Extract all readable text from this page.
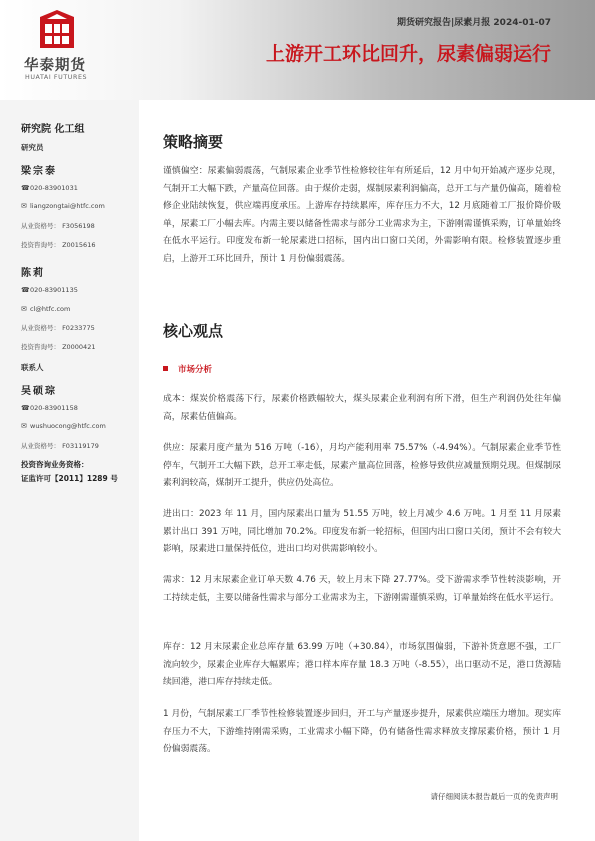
华泰期货
HUATAI FUTURES
期货研究报告|尿素月报 2024-01-07
上游开工环比回升，尿素偏弱运行
研究院 化工组
研究员
梁宗泰
☎020-83901031
✉ liangzongtai@htfc.com
从业资格号： F3056198
投资咨询号： Z0015616
陈莉
☎020-83901135
✉ cl@htfc.com
从业资格号： F0233775
投资咨询号： Z0000421
联系人
吴硕琮
☎020-83901158
✉ wushuocong@htfc.com
从业资格号： F03119179
投资咨询业务资格：
证监许可【2011】1289 号
策略摘要
谨慎偏空：尿素偏弱震荡，气制尿素企业季节性检修较往年有所延后，12 月中旬开始减产逐步兑现，气制开工大幅下跌，产量高位回落。由于煤价走弱，煤制尿素利润偏高，总开工与产量仍偏高，随着检修企业陆续恢复，供应端再度承压。上游库存持续累库，库存压力不大，12 月底随着工厂报价降价吸单，尿素工厂小幅去库。内需主要以储备性需求与部分工业需求为主，下游刚需谨慎采购，订单量始终在低水平运行。印度发布新一轮尿素进口招标，国内出口窗口关闭，外需影响有限。检修装置逐步重启，上游开工环比回升，预计 1 月份偏弱震荡。
核心观点
市场分析
成本：煤炭价格震荡下行，尿素价格跌幅较大，煤头尿素企业利润有所下滑，但生产利润仍处往年偏高，尿素估值偏高。
供应：尿素月度产量为 516 万吨（-16），月均产能利用率 75.57%（-4.94%）。气制尿素企业季节性停车，气制开工大幅下跌，总开工率走低，尿素产量高位回落，检修导致供应减量预期兑现。但煤制尿素利润较高，煤制开工提升，供应仍处高位。
进出口：2023 年 11 月，国内尿素出口量为 51.55 万吨，较上月减少 4.6 万吨。1 月至 11 月尿素累计出口 391 万吨，同比增加 70.2%。印度发布新一轮招标，但国内出口窗口关闭，预计不会有较大影响，尿素进口量保持低位，进出口均对供需影响较小。
需求：12 月末尿素企业订单天数 4.76 天，较上月末下降 27.77%。受下游需求季节性转淡影响，开工持续走低，主要以储备性需求与部分工业需求为主，下游刚需谨慎采购，订单量始终在低水平运行。
库存：12 月末尿素企业总库存量 63.99 万吨（+30.84），市场氛围偏弱，下游补货意愿不强，工厂流向较少，尿素企业库存大幅累库；港口样本库存量 18.3 万吨（-8.55），出口驱动不足，港口货源陆续回港，港口库存持续走低。
1 月份，气制尿素工厂季节性检修装置逐步回归，开工与产量逐步提升，尿素供应端压力增加。现实库存压力不大，下游维持刚需采购，工业需求小幅下降，仍有储备性需求释放支撑尿素价格，预计 1 月份偏弱震荡。
请仔细阅读本报告最后一页的免责声明
